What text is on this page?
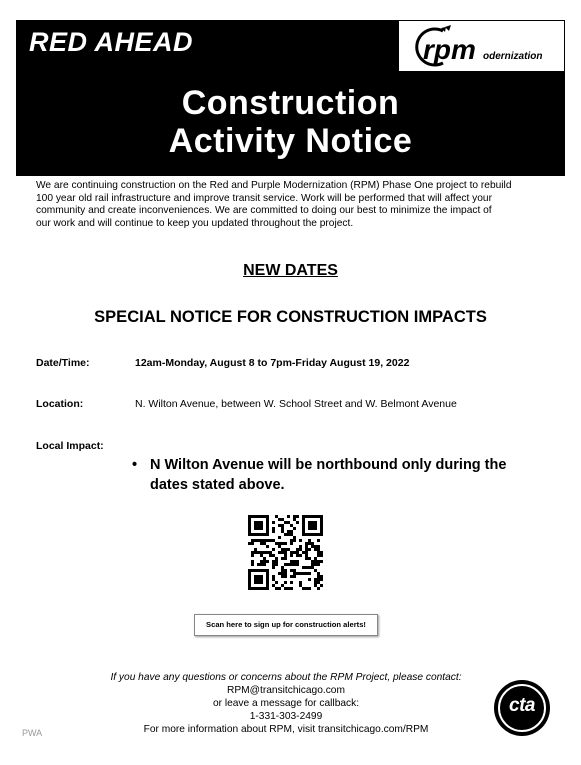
RED AHEAD	rpm odernization
Construction
Activity Notice
We are continuing construction on the Red and Purple Modernization (RPM) Phase One project to rebuild
100 year old rail infrastructure and improve transit service. Work will be performed that will affect your
community and create inconveniences. We are committed to doing our best to minimize the impact of
our work and will continue to keep you updated throughout the project.
NEW DATES
SPECIAL NOTICE FOR CONSTRUCTION IMPACTS
Date/Time:	12am-Monday, August 8 to 7pm-Friday August 19, 2022
Location:	N. Wilton Avenue, between W. School Street and W. Belmont Avenue
Local Impact:
• N Wilton Avenue will be northbound only during the dates stated above.
Scan here to sign up for construction alerts!
If you have any questions or concerns about the RPM Project, please contact:
RPM@transitchicago.com
or leave a message for callback:
1-331-303-2499
For more information about RPM, visit transitchicago.com/RPM
PWA
cta
